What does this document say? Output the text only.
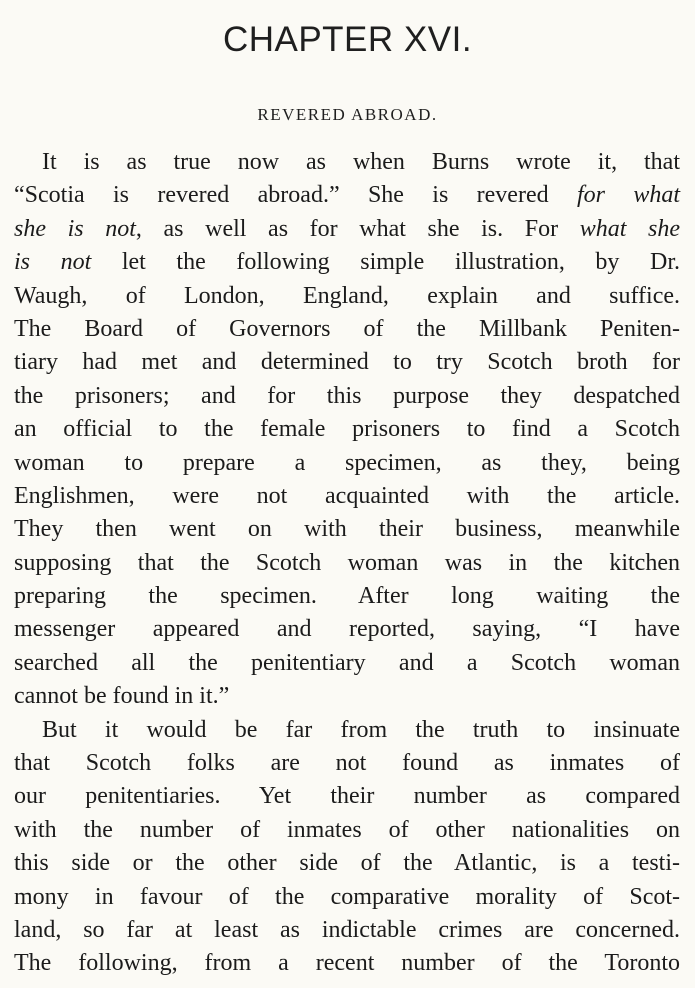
CHAPTER XVI.
REVERED ABROAD.
It is as true now as when Burns wrote it, that
“Scotia is revered abroad.” She is revered for what
she is not, as well as for what she is. For what she
is not let the following simple illustration, by Dr.
Waugh, of London, England, explain and suffice.
The Board of Governors of the Millbank Peniten-
tiary had met and determined to try Scotch broth for
the prisoners; and for this purpose they despatched
an official to the female prisoners to find a Scotch
woman to prepare a specimen, as they, being
Englishmen, were not acquainted with the article.
They then went on with their business, meanwhile
supposing that the Scotch woman was in the kitchen
preparing the specimen. After long waiting the
messenger appeared and reported, saying, “I have
searched all the penitentiary and a Scotch woman
cannot be found in it.”
But it would be far from the truth to insinuate
that Scotch folks are not found as inmates of
our penitentiaries. Yet their number as compared
with the number of inmates of other nationalities on
this side or the other side of the Atlantic, is a testi-
mony in favour of the comparative morality of Scot-
land, so far at least as indictable crimes are concerned.
The following, from a recent number of the Toronto
